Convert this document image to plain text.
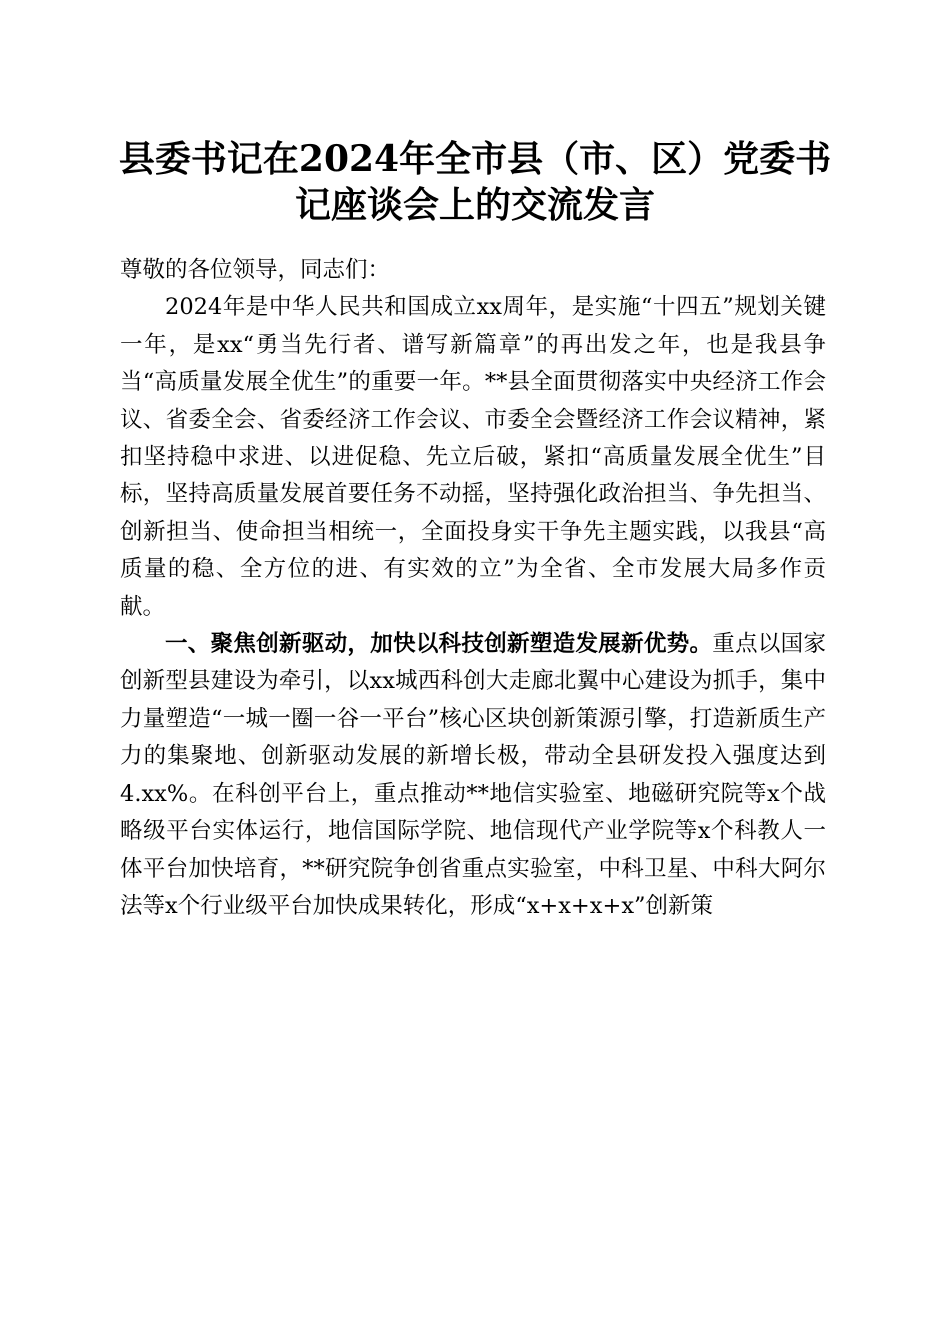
县委书记在2024年全市县（市、区）党委书
记座谈会上的交流发言

尊敬的各位领导，同志们：

2024年是中华人民共和国成立xx周年，是实施“十四五”规划关键一年，是xx“勇当先行者、谱写新篇章”的再出发之年，也是我县争当“高质量发展全优生”的重要一年。**县全面贯彻落实中央经济工作会议、省委全会、省委经济工作会议、市委全会暨经济工作会议精神，紧扣坚持稳中求进、以进促稳、先立后破，紧扣“高质量发展全优生”目标，坚持高质量发展首要任务不动摇，坚持强化政治担当、争先担当、创新担当、使命担当相统一，全面投身实干争先主题实践，以我县“高质量的稳、全方位的进、有实效的立”为全省、全市发展大局多作贡献。

一、聚焦创新驱动，加快以科技创新塑造发展新优势。重点以国家创新型县建设为牵引，以xx城西科创大走廊北翼中心建设为抓手，集中力量塑造“一城一圈一谷一平台”核心区块创新策源引擎，打造新质生产力的集聚地、创新驱动发展的新增长极，带动全县研发投入强度达到4.xx%。在科创平台上，重点推动**地信实验室、地磁研究院等x个战略级平台实体运行，地信国际学院、地信现代产业学院等x个科教人一体平台加快培育，**研究院争创省重点实验室，中科卫星、中科大阿尔法等x个行业级平台加快成果转化，形成“x+x+x+x”创新策
